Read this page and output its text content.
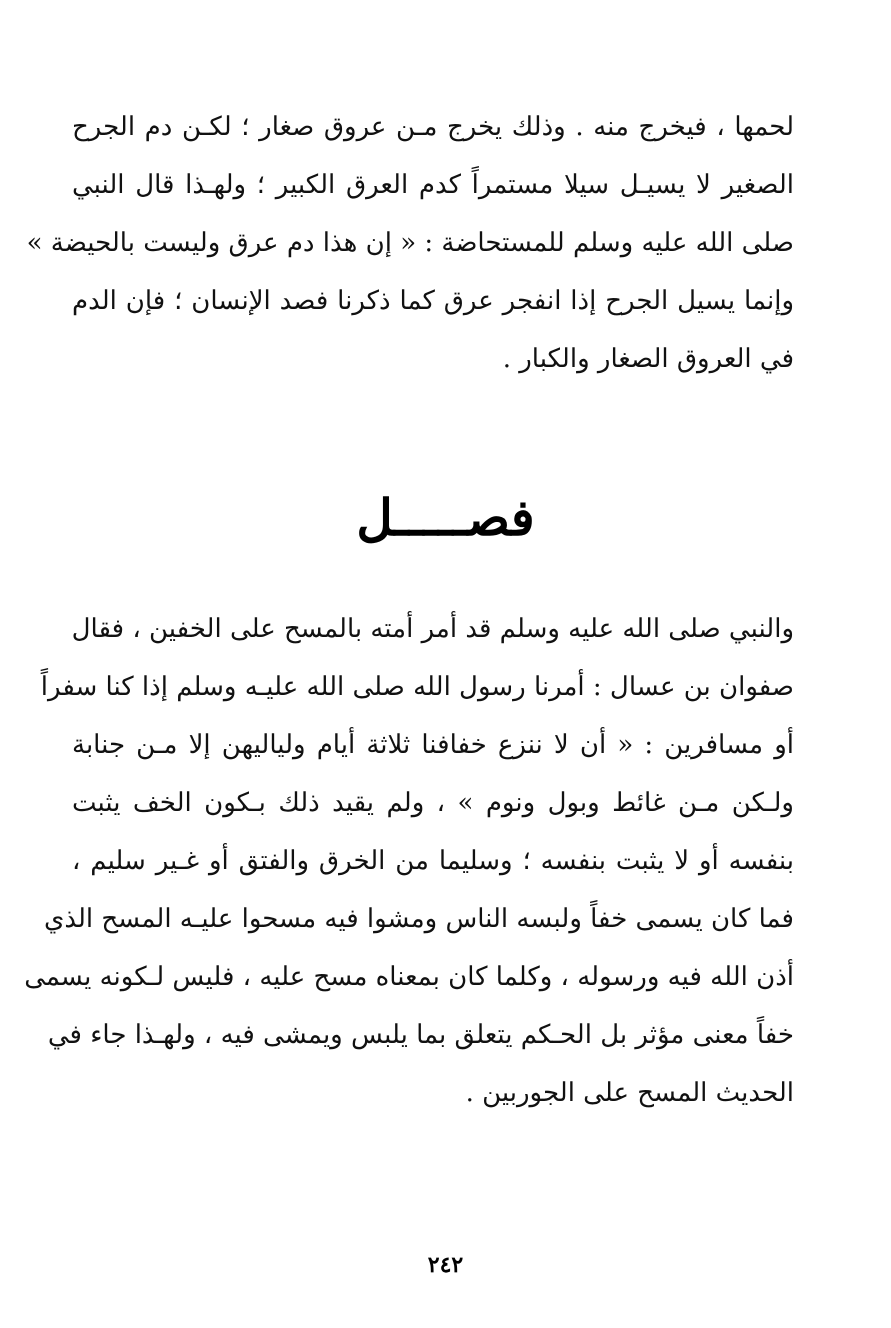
لحمها ، فيخرج منه . وذلك يخرج مـن عروق صغار ؛ لكـن دم الجرح
الصغير لا يسيـل سيلا مستمراً كدم العرق الكبير ؛ ولهـذا قال النبي
صلى الله عليه وسلم للمستحاضة : « إن هذا دم عرق وليست بالحيضة »
وإنما يسيل الجرح إذا انفجر عرق كما ذكرنا فصد الإنسان ؛ فإن الدم
في العروق الصغار والكبار .
فصـــــل
والنبي صلى الله عليه وسلم قد أمر أمته بالمسح على الخفين ، فقال
صفوان بن عسال : أمرنا رسول الله صلى الله عليـه وسلم إذا كنا سفراً
أو مسافرين : « أن لا ننزع خفافنا ثلاثة أيام ولياليهن إلا مـن جنابة
ولـكن مـن غائط وبول ونوم » ، ولم يقيد ذلك بـكون الخف يثبت
بنفسه أو لا يثبت بنفسه ؛ وسليما من الخرق والفتق أو غـير سليم ،
فما كان يسمى خفاً ولبسه الناس ومشوا فيه مسحوا عليـه المسح الذي
أذن الله فيه ورسوله ، وكلما كان بمعناه مسح عليه ، فليس لـكونه يسمى
خفاً معنى مؤثر بل الحـكم يتعلق بما يلبس ويمشى فيه ، ولهـذا جاء في
الحديث المسح على الجوربين .
٢٤٢
